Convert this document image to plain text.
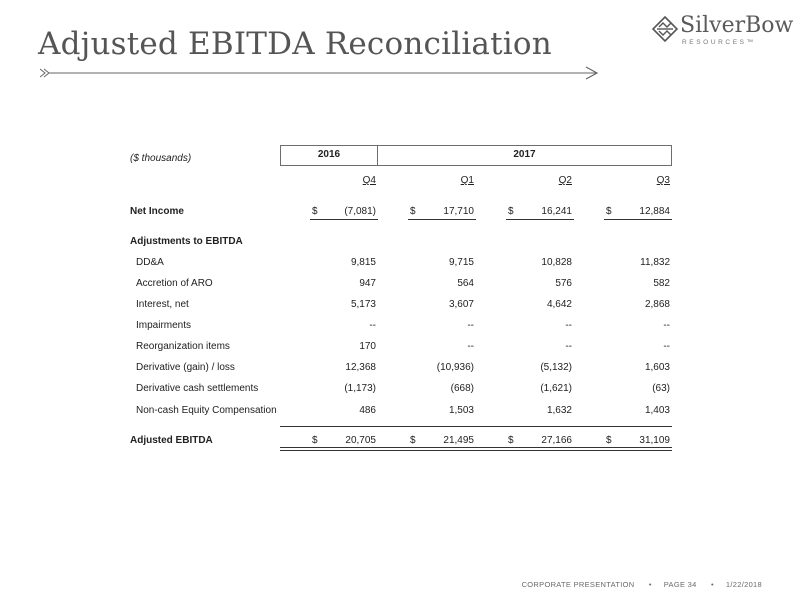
Adjusted EBITDA Reconciliation
SilverBow
RESOURCES™
($ thousands)	2016	2017
Q4	Q1	Q2	Q3
Net Income	$	(7,081)	$	17,710	$	16,241	$	12,884
Adjustments to EBITDA
DD&A	9,815	9,715	10,828	11,832
Accretion of ARO	947	564	576	582
Interest, net	5,173	3,607	4,642	2,868
Impairments	--	--	--	--
Reorganization items	170	--	--	--
Derivative (gain) / loss	12,368	(10,936)	(5,132)	1,603
Derivative cash settlements	(1,173)	(668)	(1,621)	(63)
Non-cash Equity Compensation	486	1,503	1,632	1,403
Adjusted EBITDA	$	20,705	$	21,495	$	27,166	$	31,109
CORPORATE PRESENTATION • PAGE 34 • 1/22/2018
